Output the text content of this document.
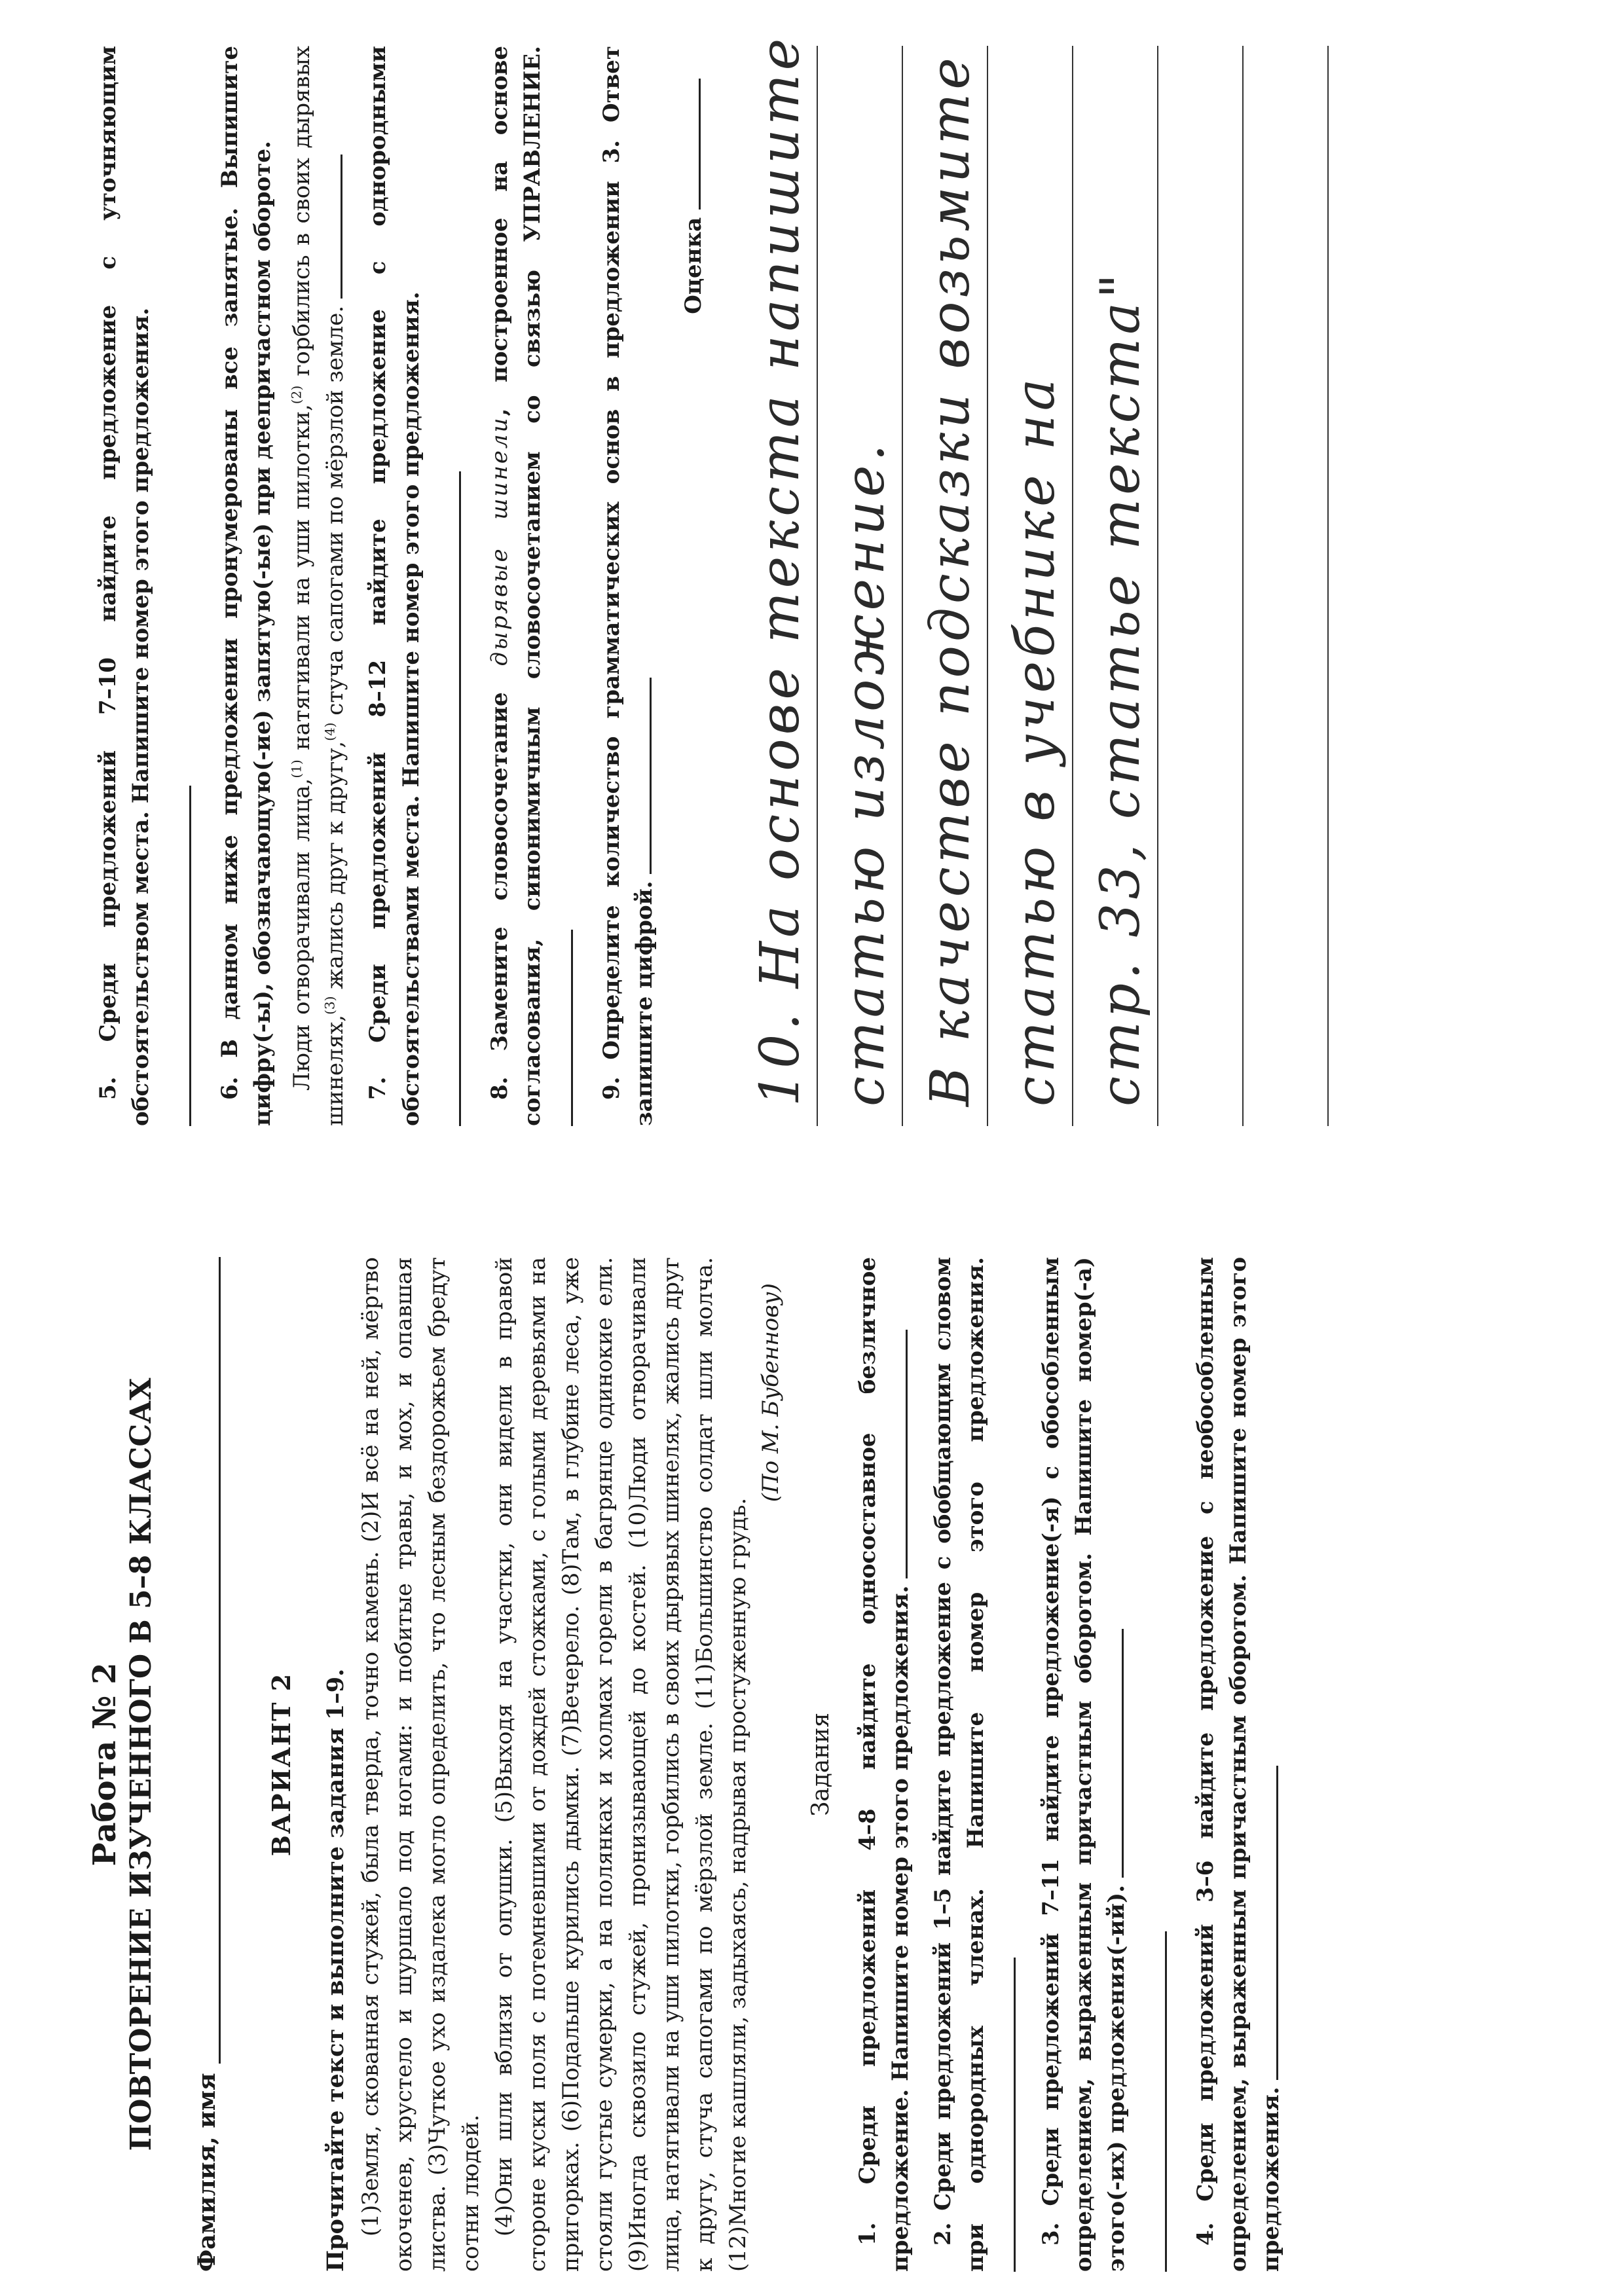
Работа № 2 ПОВТОРЕНИЕ ИЗУЧЕННОГО В 5–8 КЛАССАХ

Фамилия, имя

ВАРИАНТ 2 Прочитайте текст и выполните задания 1–9. (1)Земля, скованная стужей, была тверда, точно камень. (2)И всё на ней, мёртво окоченев, хрустело и шуршало под ногами: и побитые травы, и мох, и опавшая листва. (3)Чуткое ухо издалека могло определить, что лесным бездорожьем бредут сотни людей. (4)Они шли вблизи от опушки. (5)Выходя на участки, они видели в правой стороне куски поля с потемневшими от дождей стожками, с голыми деревьями на пригорках. (6)Подальше курились дымки. (7)Вечерело. (8)Там, в глубине леса, уже стояли густые сумерки, а на полянках и холмах горели в багрянце одинокие ели. (9)Иногда сквозило стужей, пронизывающей до костей. (10)Люди отворачивали лица, натягивали на уши пилотки, горбились в своих дырявых шинелях, жались друг к другу, стуча сапогами по мёрзлой земле. (11)Большинство солдат шли молча. (12)Многие кашляли, задыхаясь, надрывая простуженную грудь.

(По М. Бубеннову)

Задания

1. Среди предложений 4–8 найдите односоставное безличное предложение. Напишите номер этого предложения. 2. Среди предложений 1–5 найдите предложение с обобщающим словом при однородных членах. Напишите номер этого предложения.	3. Среди предложений 7–11 найдите предложение(-я) с обособленным определением, выраженным причастным оборотом. Напишите номер(-а) этого(-их) предложения(-ий).	4. Среди предложений 3–6 найдите предложение с необособленным определением, выраженным причастным оборотом. Напишите номер этого предложения.

5. Среди предложений 7–10 найдите предложение с уточняющим обстоятельством места. Напишите номер этого предложения.	6. В данном ниже предложении пронумерованы все запятые. Выпишите цифру(-ы), обозначающую(-ие) запятую(-ые) при деепричастном обороте. Люди отворачивали лица,$^{(1)}$ натягивали на уши пилотки,$^{(2)}$ горбились в своих дырявых шинелях,$^{(3)}$ жались друг к другу,$^{(4)}$ стуча сапогами по мёрзлой земле.

7. Среди предложений 8–12 найдите предложение с однородными обстоятельствами места. Напишите номер этого предложения.	8. Замените словосочетание дырявые шинели, построенное на основе согласования, синонимичным словосочетанием со связью УПРАВЛЕНИЕ.	9. Определите количество грамматических основ в предложении 3. Ответ запишите цифрой.

Оценка 10. На основе текста напишите статью изложение. В качестве подсказки возьмите статью в учебнике на стр. 33, статье текста"
